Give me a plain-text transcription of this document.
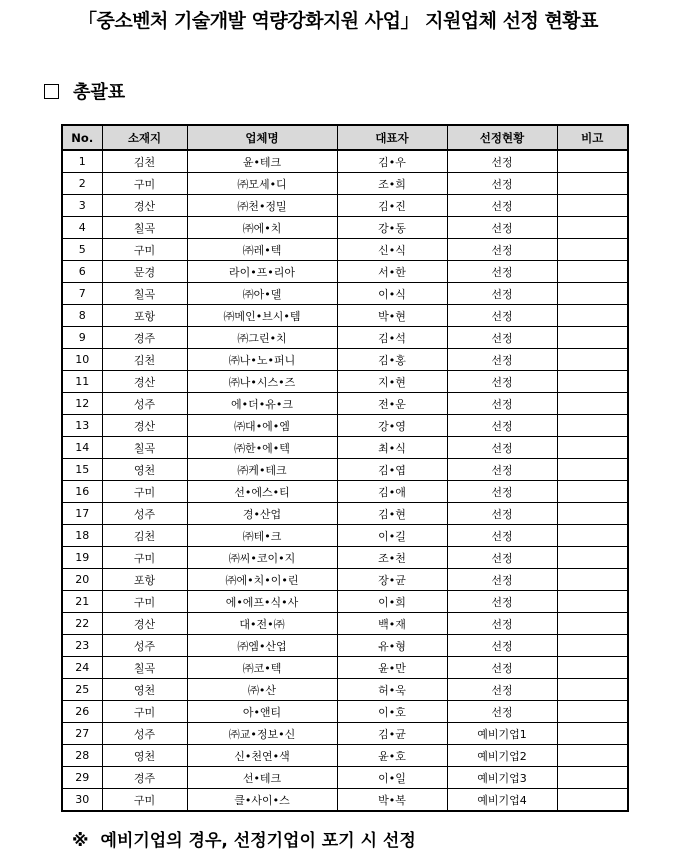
「중소벤처 기술개발 역량강화지원 사업」 지원업체 선정 현황표
총괄표
No.	소재지	업체명	대표자	선정현황	비고
1	김천	윤•테크	김•우	선정	
2	구미	㈜모세•디	조•희	선정	
3	경산	㈜천•정밀	김•진	선정	
4	칠곡	㈜에•치	강•동	선정	
5	구미	㈜레•텍	신•식	선정	
6	문경	라이•프•리아	서•한	선정	
7	칠곡	㈜아•델	이•식	선정	
8	포항	㈜메인•브시•템	박•현	선정	
9	경주	㈜그린•치	김•석	선정	
10	김천	㈜나•노•퍼니	김•홍	선정	
11	경산	㈜나•시스•즈	지•현	선정	
12	성주	에•더•유•크	전•운	선정	
13	경산	㈜대•에•엠	강•영	선정	
14	칠곡	㈜한•에•텍	최•식	선정	
15	영천	㈜케•테크	김•엽	선정	
16	구미	선•에스•티	김•애	선정	
17	성주	경•산업	김•현	선정	
18	김천	㈜테•크	이•길	선정	
19	구미	㈜씨•코이•지	조•천	선정	
20	포항	㈜에•치•이•린	장•균	선정	
21	구미	에•에프•식•사	이•희	선정	
22	경산	대•전•㈜	백•재	선정	
23	성주	㈜엠•산업	유•형	선정	
24	칠곡	㈜코•텍	윤•만	선정	
25	영천	㈜•산	허•욱	선정	
26	구미	아•앤티	이•호	선정	
27	성주	㈜교•정보•신	김•균	예비기업1	
28	영천	신•천연•색	윤•호	예비기업2	
29	경주	선•테크	이•일	예비기업3	
30	구미	클•사이•스	박•복	예비기업4	
※ 예비기업의 경우, 선정기업이 포기 시 선정
